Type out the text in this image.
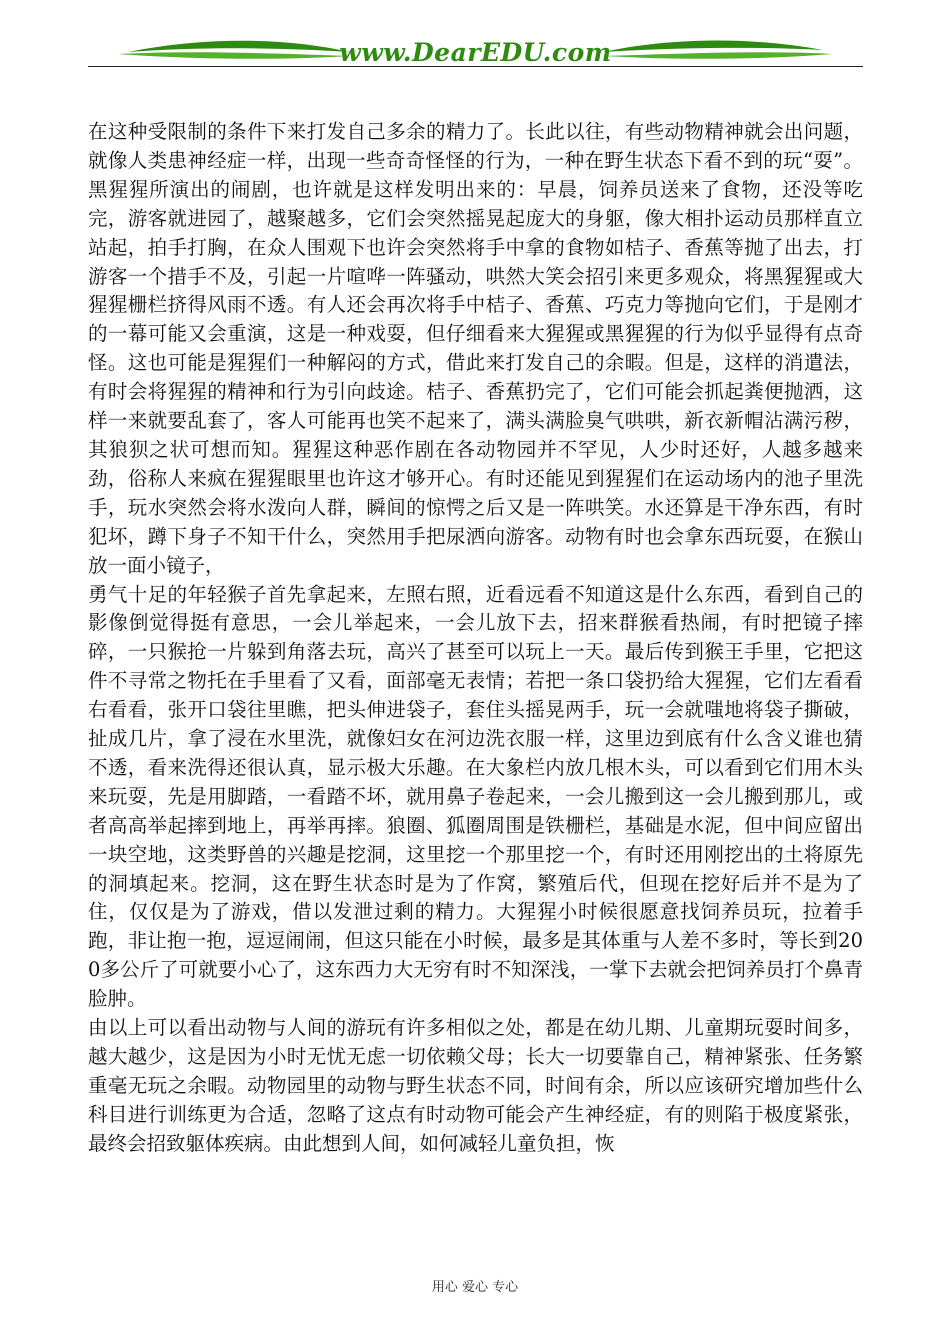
www.DearEDU.com

在这种受限制的条件下来打发自己多余的精力了。长此以往，有些动物精神就会出问题，就像人类患神经症一样，出现一些奇奇怪怪的行为，一种在野生状态下看不到的玩“耍”。黑猩猩所演出的闹剧，也许就是这样发明出来的：早晨，饲养员送来了食物，还没等吃完，游客就进园了，越聚越多，它们会突然摇晃起庞大的身躯，像大相扑运动员那样直立站起，拍手打胸，在众人围观下也许会突然将手中拿的食物如桔子、香蕉等抛了出去，打游客一个措手不及，引起一片喧哗一阵骚动，哄然大笑会招引来更多观众，将黑猩猩或大猩猩栅栏挤得风雨不透。有人还会再次将手中桔子、香蕉、巧克力等抛向它们，于是刚才的一幕可能又会重演，这是一种戏耍，但仔细看来大猩猩或黑猩猩的行为似乎显得有点奇怪。这也可能是猩猩们一种解闷的方式，借此来打发自己的余暇。但是，这样的消遣法，有时会将猩猩的精神和行为引向歧途。桔子、香蕉扔完了，它们可能会抓起粪便抛洒，这样一来就要乱套了，客人可能再也笑不起来了，满头满脸臭气哄哄，新衣新帽沾满污秽，其狼狈之状可想而知。猩猩这种恶作剧在各动物园并不罕见，人少时还好，人越多越来劲，俗称人来疯在猩猩眼里也许这才够开心。有时还能见到猩猩们在运动场内的池子里洗手，玩水突然会将水泼向人群，瞬间的惊愕之后又是一阵哄笑。水还算是干净东西，有时犯坏，蹲下身子不知干什么，突然用手把尿洒向游客。动物有时也会拿东西玩耍，在猴山放一面小镜子，

勇气十足的年轻猴子首先拿起来，左照右照，近看远看不知道这是什么东西，看到自己的影像倒觉得挺有意思，一会儿举起来，一会儿放下去，招来群猴看热闹，有时把镜子摔碎，一只猴抢一片躲到角落去玩，高兴了甚至可以玩上一天。最后传到猴王手里，它把这件不寻常之物托在手里看了又看，面部毫无表情；若把一条口袋扔给大猩猩，它们左看看右看看，张开口袋往里瞧，把头伸进袋子，套住头摇晃两手，玩一会就嗤地将袋子撕破，扯成几片，拿了浸在水里洗，就像妇女在河边洗衣服一样，这里边到底有什么含义谁也猜不透，看来洗得还很认真，显示极大乐趣。在大象栏内放几根木头，可以看到它们用木头来玩耍，先是用脚踏，一看踏不坏，就用鼻子卷起来，一会儿搬到这一会儿搬到那儿，或者高高举起摔到地上，再举再摔。狼圈、狐圈周围是铁栅栏，基础是水泥，但中间应留出一块空地，这类野兽的兴趣是挖洞，这里挖一个那里挖一个，有时还用刚挖出的土将原先的洞填起来。挖洞，这在野生状态时是为了作窝，繁殖后代，但现在挖好后并不是为了住，仅仅是为了游戏，借以发泄过剩的精力。大猩猩小时候很愿意找饲养员玩，拉着手跑，非让抱一抱，逗逗闹闹，但这只能在小时候，最多是其体重与人差不多时，等长到200多公斤了可就要小心了，这东西力大无穷有时不知深浅，一掌下去就会把饲养员打个鼻青脸肿。

由以上可以看出动物与人间的游玩有许多相似之处，都是在幼儿期、儿童期玩耍时间多，越大越少，这是因为小时无忧无虑一切依赖父母；长大一切要靠自己，精神紧张、任务繁重毫无玩之余暇。动物园里的动物与野生状态不同，时间有余，所以应该研究增加些什么科目进行训练更为合适，忽略了这点有时动物可能会产生神经症，有的则陷于极度紧张，最终会招致躯体疾病。由此想到人间，如何减轻儿童负担，恢

用心 爱心 专心
